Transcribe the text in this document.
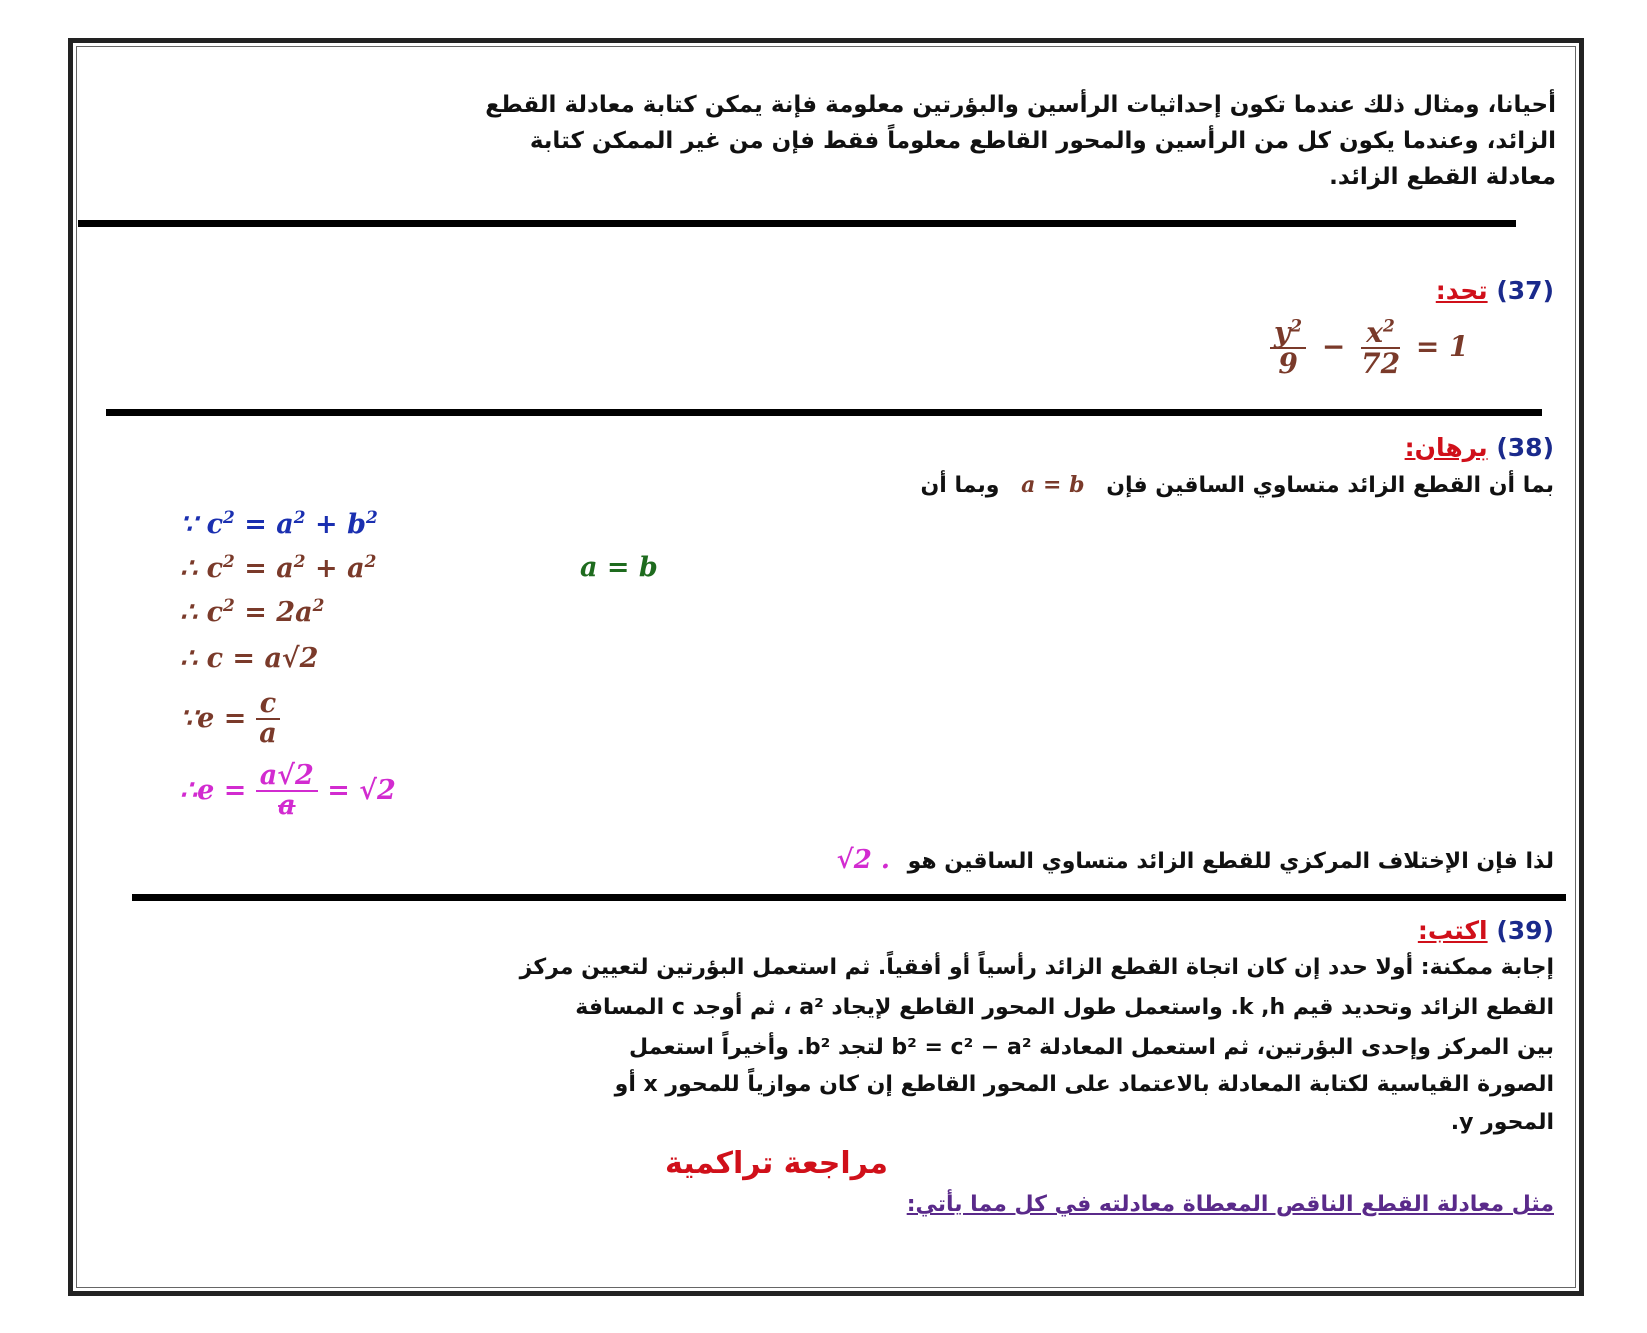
أحيانا، ومثال ذلك عندما تكون إحداثيات الرأسين والبؤرتين معلومة فإنة يمكن كتابة معادلة القطع
الزائد، وعندما يكون كل من الرأسين والمحور القاطع معلوماً فقط فإن من غير الممكن كتابة
معادلة القطع الزائد.
(37) تحد:
$\frac{y^2}{9} - \frac{x^2}{72} = 1$
(38) برهان:
بما أن القطع الزائد متساوي الساقين فإن a = b وبما أن
∵ $c^2 = a^2 + b^2$
∴ $c^2 = a^2 + a^2$	a = b
∴ $c^2 = 2a^2$
∴ c = a√2
∵e = $\frac{c}{a}$
∴e = $\frac{a√2}{a} = √2$
لذا فإن الإختلاف المركزي للقطع الزائد متساوي الساقين هو √2 .
(39) اكتب:
إجابة ممكنة: أولا حدد إن كان اتجاة القطع الزائد رأسياً أو أفقياً. ثم استعمل البؤرتين لتعيين مركز
القطع الزائد وتحديد قيم k ,h. واستعمل طول المحور القاطع لإيجاد a² ، ثم أوجد c المسافة
بين المركز وإحدى البؤرتين، ثم استعمل المعادلة b² = c² − a² لتجد b². وأخيراً استعمل
الصورة القياسية لكتابة المعادلة بالاعتماد على المحور القاطع إن كان موازياً للمحور x أو
المحور y.
مراجعة تراكمية
مثل معادلة القطع الناقص المعطاة معادلته في كل مما يأتي:
